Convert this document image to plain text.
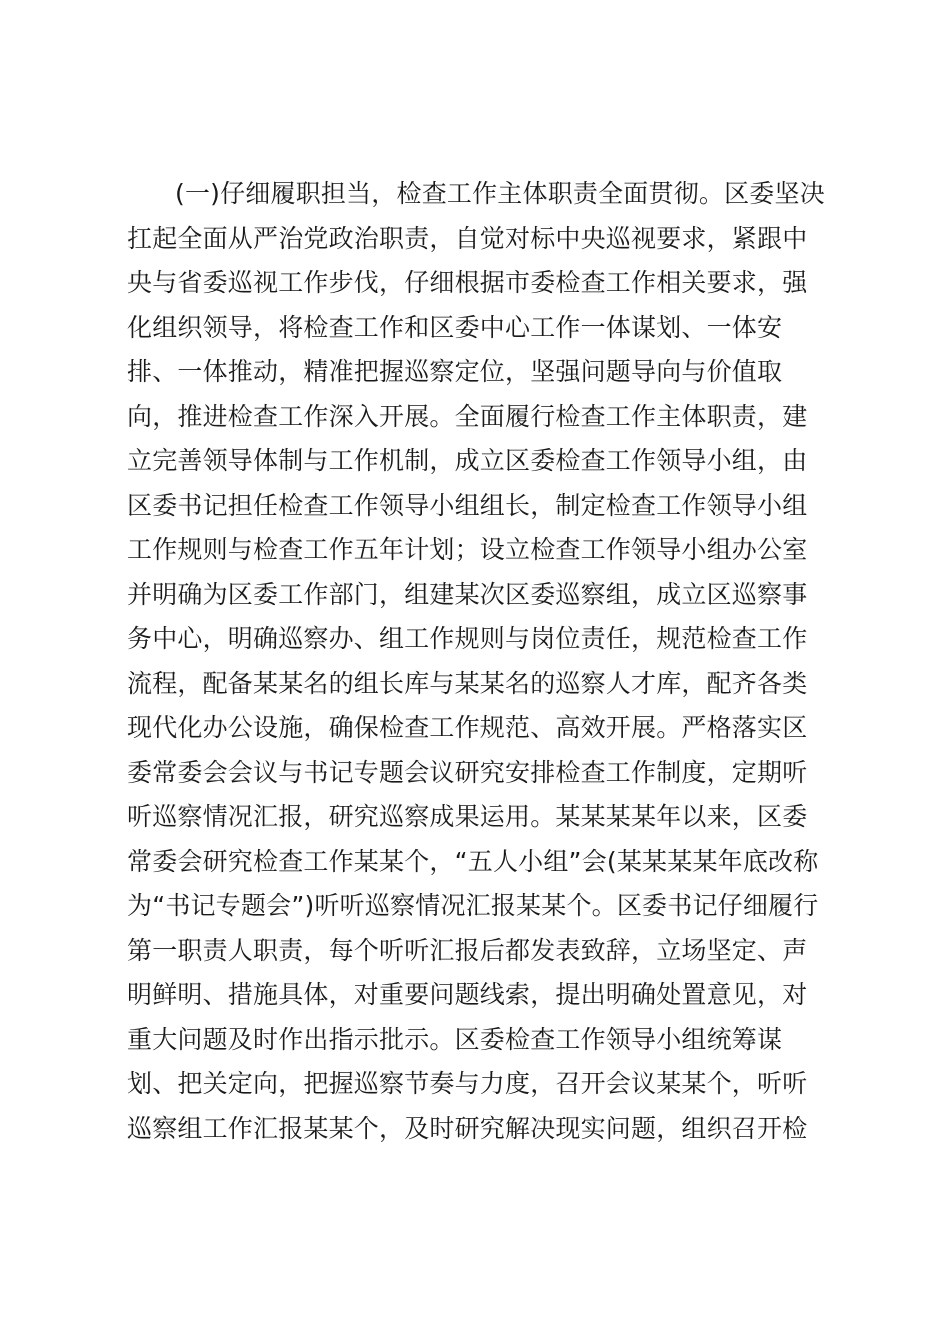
(一)仔细履职担当，检查工作主体职责全面贯彻。区委坚决
扛起全面从严治党政治职责，自觉对标中央巡视要求，紧跟中
央与省委巡视工作步伐，仔细根据市委检查工作相关要求，强
化组织领导，将检查工作和区委中心工作一体谋划、一体安
排、一体推动，精准把握巡察定位，坚强问题导向与价值取
向，推进检查工作深入开展。全面履行检查工作主体职责，建
立完善领导体制与工作机制，成立区委检查工作领导小组，由
区委书记担任检查工作领导小组组长，制定检查工作领导小组
工作规则与检查工作五年计划；设立检查工作领导小组办公室
并明确为区委工作部门，组建某次区委巡察组，成立区巡察事
务中心，明确巡察办、组工作规则与岗位责任，规范检查工作
流程，配备某某名的组长库与某某名的巡察人才库，配齐各类
现代化办公设施，确保检查工作规范、高效开展。严格落实区
委常委会会议与书记专题会议研究安排检查工作制度，定期听
听巡察情况汇报，研究巡察成果运用。某某某某年以来，区委
常委会研究检查工作某某个，“五人小组”会(某某某某年底改称
为“书记专题会”)听听巡察情况汇报某某个。区委书记仔细履行
第一职责人职责，每个听听汇报后都发表致辞，立场坚定、声
明鲜明、措施具体，对重要问题线索，提出明确处置意见，对
重大问题及时作出指示批示。区委检查工作领导小组统筹谋
划、把关定向，把握巡察节奏与力度，召开会议某某个，听听
巡察组工作汇报某某个，及时研究解决现实问题，组织召开检
